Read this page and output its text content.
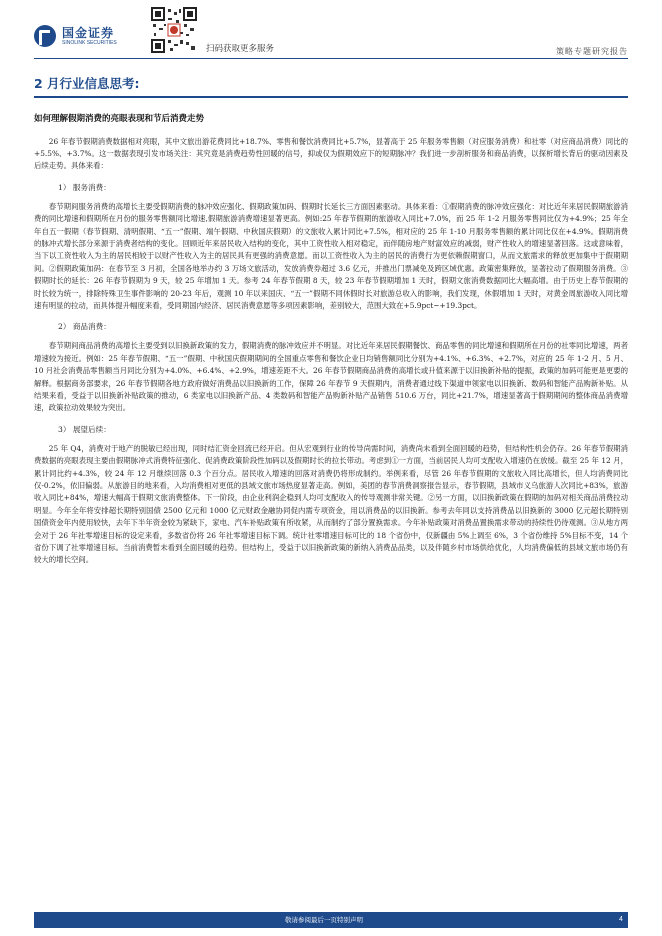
国金证券
SINOLINK SECURITIES
扫码获取更多服务	策略专题研究报告
2 月行业信息思考:
如何理解假期消费的亮眼表现和节后消费走势

26 年春节假期消费数据相对亮眼，其中文旅出游花费同比+18.7%、零售和餐饮消费同比+5.7%，显著高于 25 年服务零售额（对应服务消费）和社零（对应商品消费）同比的+5.5%、+3.7%。这一数据表现引发市场关注：其究竟是消费趋势性回暖的信号，抑或仅为假期效应下的短期脉冲？我们进一步剖析服务和商品消费，以探析增长背后的驱动因素及后续走势。具体来看：

1） 服务消费：

春节期间服务消费的高增长主要受假期消费的脉冲效应强化、假期政策加码、假期时长延长三方面因素驱动。具体来看：①假期消费的脉冲效应强化：对比近年来居民假期旅游消费的同比增速和假期所在月份的服务零售额同比增速,假期旅游消费增速显著更高。例如:25 年春节假期的旅游收入同比+7.0%，而 25 年 1-2 月服务零售同比仅为+4.9%；25 年全年自五一假期（春节假期、清明假期、“五一”假期、端午假期、中秋国庆假期）的文旅收入累计同比+7.5%，相对应的 25 年 1-10 月服务零售额的累计同比仅在+4.9%。假期消费的脉冲式增长部分来源于消费者结构的变化。回顾近年来居民收入结构的变化，其中工资性收入相对稳定，而伴随房地产财富效应的减弱，财产性收入的增速显著回落。这或意味着，当下以工资性收入为主的居民相较于以财产性收入为主的居民具有更强的消费意愿。而以工资性收入为主的居民的消费行为更依赖假期窗口，从而文旅需求的释放更加集中于假期期间。②假期政策加码：在春节至 3 月初，全国各地举办约 3 万场文旅活动，发放消费券超过 3.6 亿元，并推出门票减免及跨区域优惠。政策密集释放，显著拉动了假期服务消费。③假期时长的延长：26 年春节假期为 9 天，较 25 年增加 1 天。参考 24 年春节假期 8 天，较 23 年春节假期增加 1 天时，假期文旅消费数据同比大幅高增。由于历史上春节假期的时长较为统一，排除特殊卫生事件影响的 20-23 年后，观测 10 年以来国庆、“五一”假期不同休假时长对旅游总收入的影响，我们发现，休假增加 1 天时，对黄金周旅游收入同比增速有明显的拉动，而具体提升幅度来看，受同期国内经济、居民消费意愿等多项因素影响，差别较大，范围大致在+5.9pct~+19.3pct。

2） 商品消费：

春节期间商品消费的高增长主要受到以旧换新政策的发力，假期消费的脉冲效应并不明显。对比近年来居民假期餐饮、商品零售的同比增速和假期所在月份的社零同比增速，两者增速较为接近。例如：25 年春节假期、“五一”假期、中秋国庆假期期间的全国重点零售和餐饮企业日均销售额同比分别为+4.1%、+6.3%、+2.7%，对应的 25 年 1-2 月、5 月、10 月社会消费品零售额当月同比分别为+4.0%、+6.4%、+2.9%，增速差距不大。26 年春节假期商品消费的高增长或升值来源于以旧换新补贴的提振，政策的加码可能更是更要的解释。根据商务部要求，26 年春节假期各地方政府做好消费品以旧换新的工作，保障 26 年春节 9 天假期内，消费者通过线下渠道申领家电以旧换新、数码和智能产品购新补贴。从结果来看，受益于以旧换新补贴政策的推动，6 类家电以旧换新产品、4 类数码和智能产品购新补贴产品销售 510.6 万台，同比+21.7%，增速显著高于假期期间的整体商品消费增速，政策拉动效果较为突出。

3） 展望后续：

25 年 Q4，消费对于地产的脱敏已经出现，同时结汇资金回流已经开启。但从宏观到行业的传导尚需时间，消费尚未看到全面回暖的趋势，但结构性机会仍存。26 年春节假期消费数据的亮眼表现主要由假期脉冲式消费特征强化、促消费政策阶段性加码以及假期时长的拉长带动。考虑到①一方面，当前居民人均可支配收入增速仍在放缓。截至 25 年 12 月，累计同比约+4.3%，较 24 年 12 月继续回落 0.3 个百分点。居民收入增速的回落对消费仍将形成制约。举例来看，尽管 26 年春节假期的文旅收入同比高增长，但人均消费同比仅-0.2%，依旧偏弱。从旅游目的地来看，入均消费相对更低的县域文旅市场热度显著走高。例如，美团的春节消费洞察报告显示，春节假期，县域市义乌旅游人次同比+83%，旅游收入同比+84%，增速大幅高于假期文旅消费整体。下一阶段，由企业利润企稳到人均可支配收入的传导观测非常关键。②另一方面，以旧换新政策在假期的加码对相关商品消费拉动明显。今年全年将安排超长期特别国债 2500 亿元和 1000 亿元财政金融协同促内需专项资金，用以消费品的以旧换新。参考去年同以支持消费品以旧换新的 3000 亿元超长期特别国债资金年内使用较快，去年下半年资金较为紧缺下，家电、汽车补贴政策有所收紧，从而制约了部分置换需求。今年补贴政策对消费品置换需求带动的持续性仍待观测。③从地方两会对于 26 年社零增速目标的设定来看，多数省份将 26 年社零增速目标下调。统计社零增速目标可比的 18 个省份中，仅新疆由 5%上调至 6%，3 个省份维持 5%目标不变，14 个省份下调了社零增速目标。当前消费暂未看到全面回暖的趋势。但结构上，受益于以旧换新政策的新纳入消费品品类，以及伴随乡村市场供给优化，人均消费偏低的县域文旅市场仍有较大的增长空间。

敬请参阅最后一页特别声明	4
